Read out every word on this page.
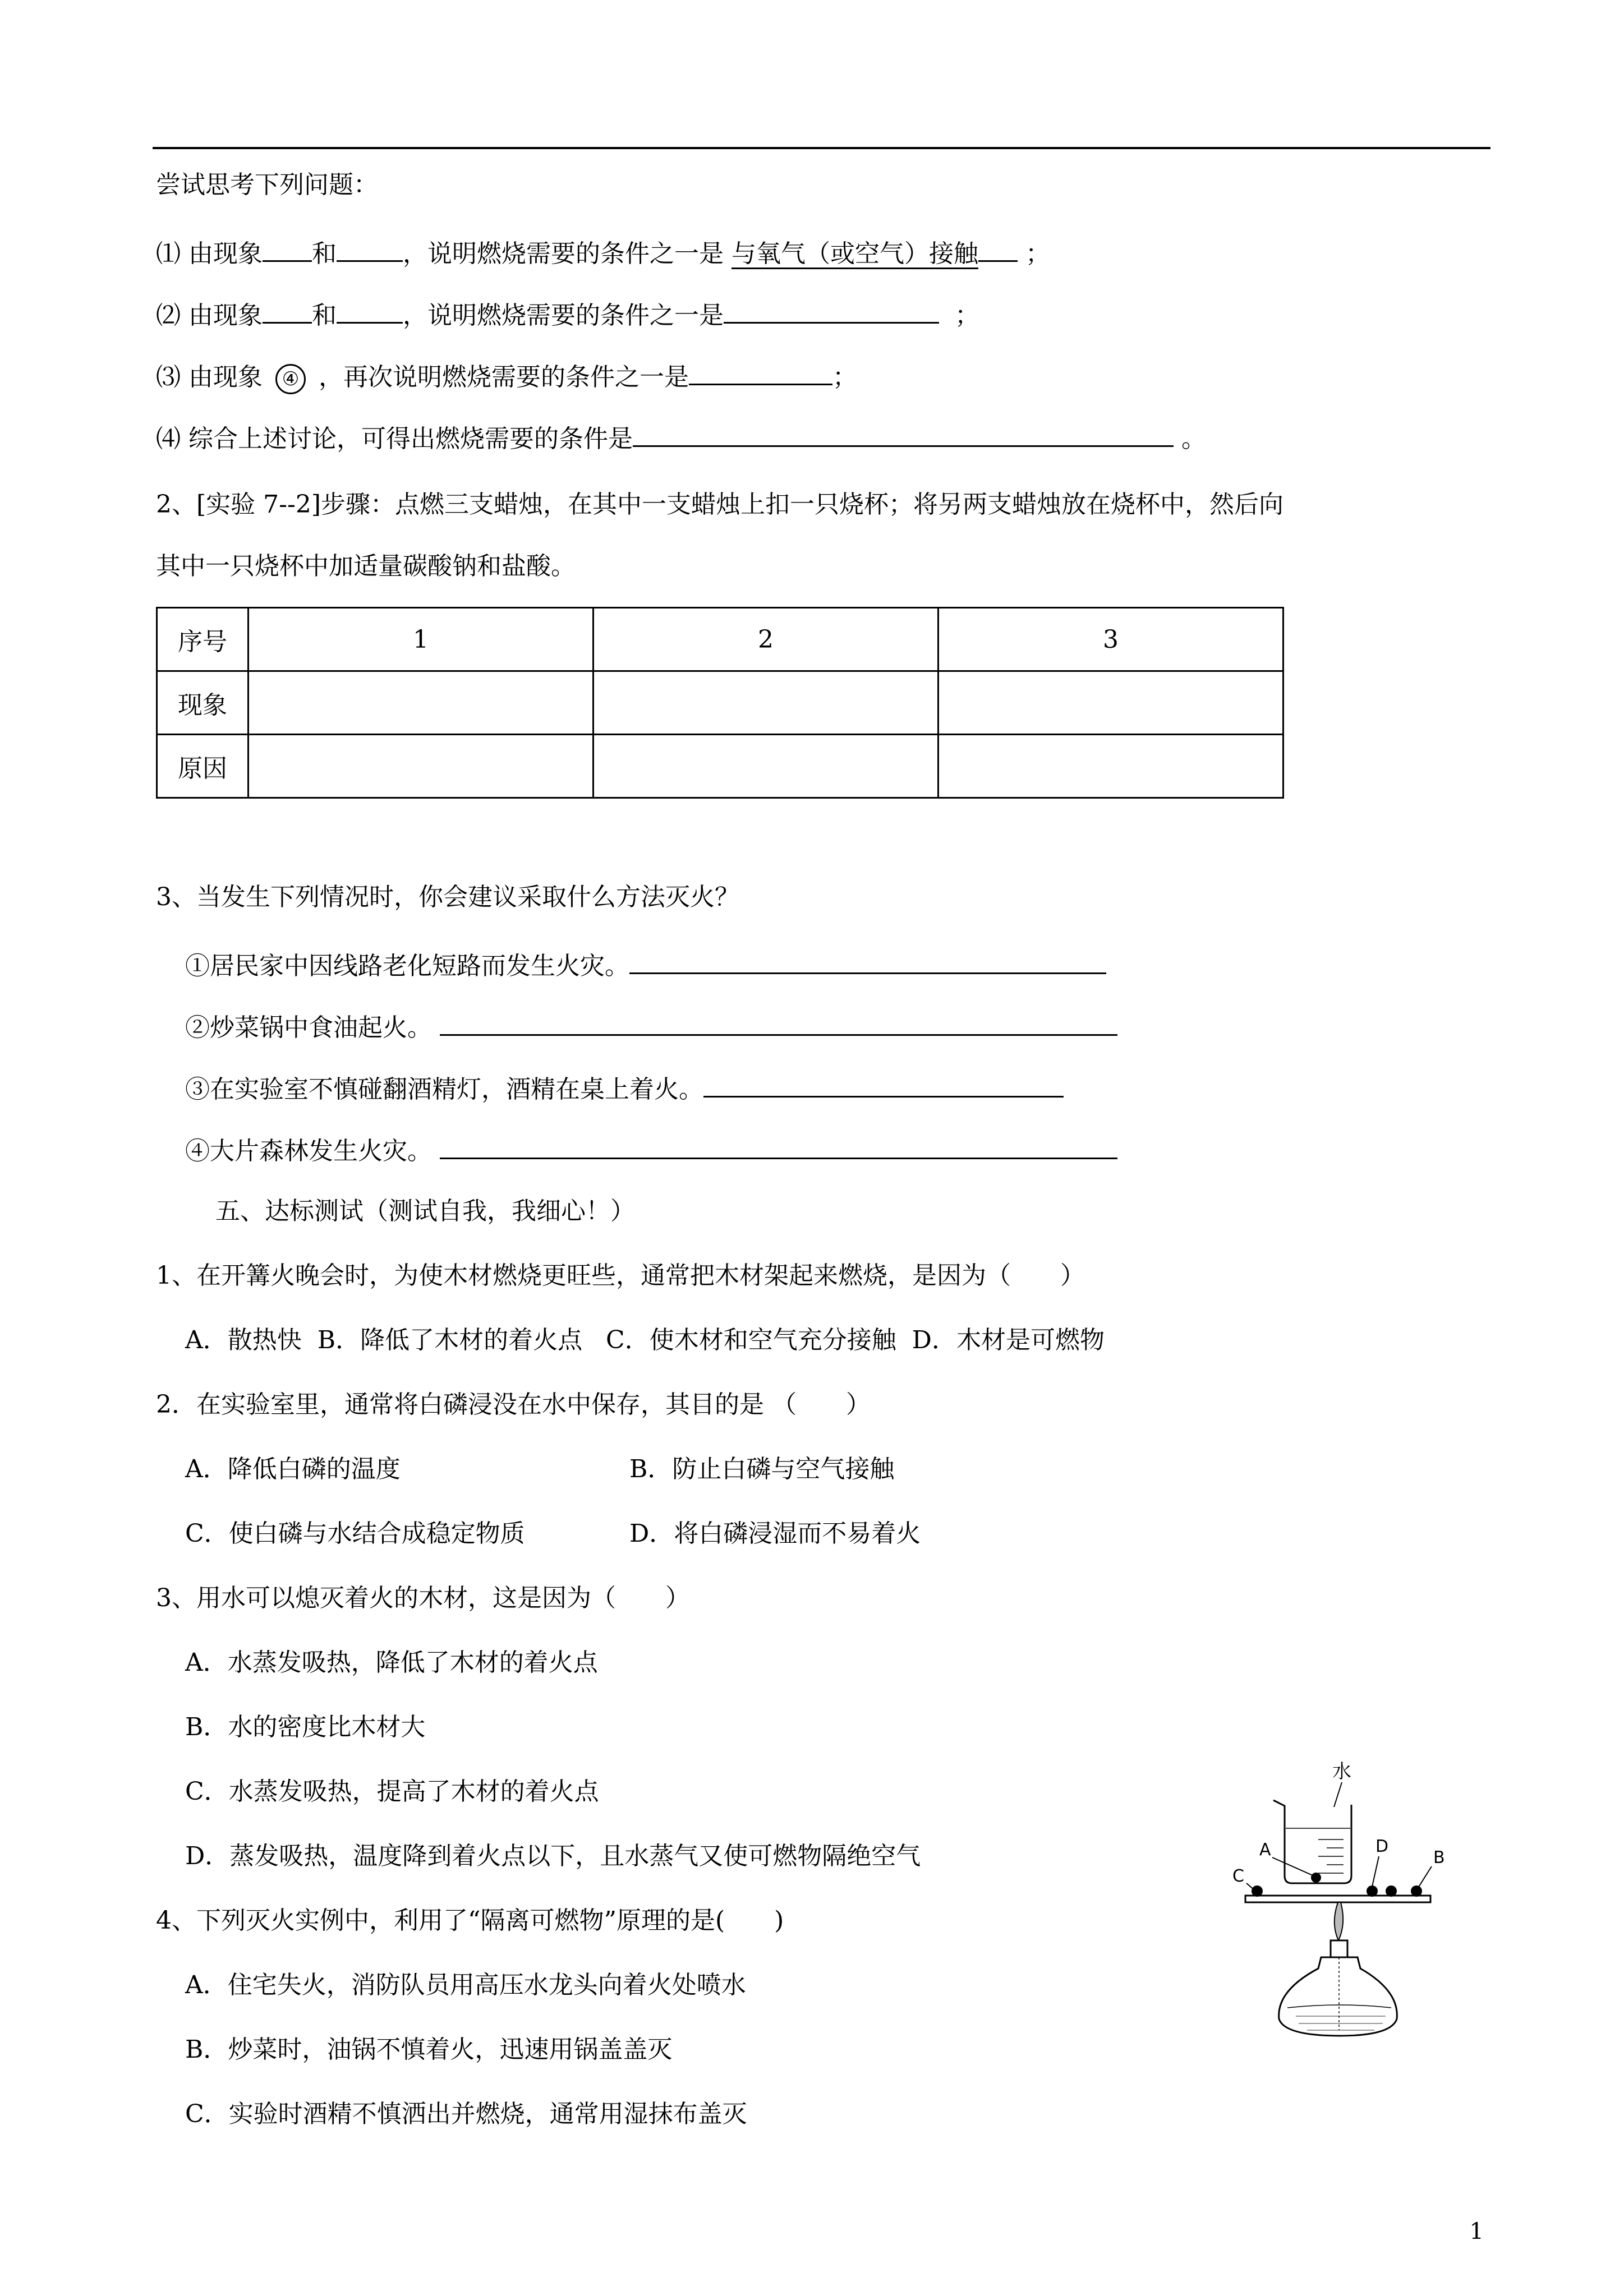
尝试思考下列问题：
⑴ 由现象 和	，说明燃烧需要的条件之一是 与氧气（或空气）接触 ；
⑵ 由现象 和	，说明燃烧需要的条件之一是	；
⑶ 由现象 ④ ，再次说明燃烧需要的条件之一是	；
⑷ 综合上述讨论，可得出燃烧需要的条件是	。
2、[实验 7--2]步骤：点燃三支蜡烛，在其中一支蜡烛上扣一只烧杯；将另两支蜡烛放在烧杯中，然后向
其中一只烧杯中加适量碳酸钠和盐酸。
序号	1	2	3
现象			
原因			
3、当发生下列情况时，你会建议采取什么方法灭火？
①居民家中因线路老化短路而发生火灾。
②炒菜锅中食油起火。
③在实验室不慎碰翻酒精灯，酒精在桌上着火。
④大片森林发生火灾。
五、达标测试（测试自我，我细心！）
1、在开篝火晚会时，为使木材燃烧更旺些，通常把木材架起来燃烧，是因为（　　）
A．散热快  B．降低了木材的着火点   C．使木材和空气充分接触  D．木材是可燃物
2．在实验室里，通常将白磷浸没在水中保存，其目的是 （　　）
A．降低白磷的温度	B．防止白磷与空气接触
C．使白磷与水结合成稳定物质	D．将白磷浸湿而不易着火
3、用水可以熄灭着火的木材，这是因为（　　）
A．水蒸发吸热，降低了木材的着火点
B．水的密度比木材大
C．水蒸发吸热，提高了木材的着火点
D．蒸发吸热，温度降到着火点以下，且水蒸气又使可燃物隔绝空气
4、下列灭火实例中，利用了“隔离可燃物”原理的是(　　)
A．住宅失火，消防队员用高压水龙头向着火处喷水
B．炒菜时，油锅不慎着火，迅速用锅盖盖灭
C．实验时酒精不慎洒出并燃烧，通常用湿抹布盖灭
水
A
C
D
B
1
